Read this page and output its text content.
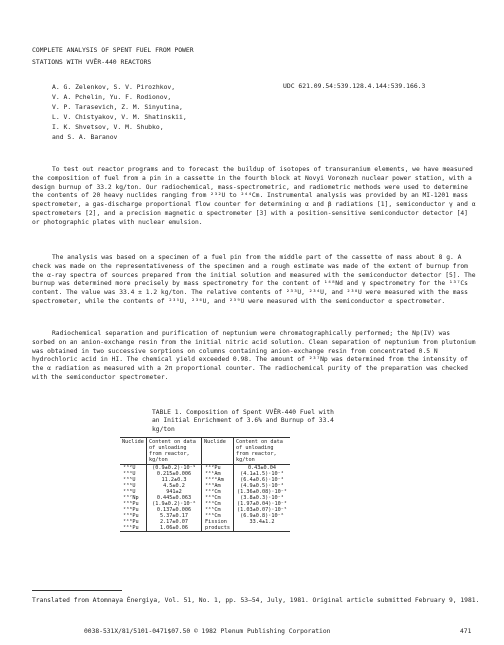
COMPLETE ANALYSIS OF SPENT FUEL FROM POWER
STATIONS WITH VVĔR-440 REACTORS
A. G. Zelenkov, S. V. Pirozhkov,
V. A. Pchelin, Yu. F. Rodionov,
V. P. Tarasevich, Z. M. Sinyutina,
L. V. Chistyakov, V. M. Shatinskii,
I. K. Shvetsov, V. M. Shubko,
and S. A. Baranov
UDC 621.09.54:539.128.4.144:539.166.3

To test out reactor programs and to forecast the buildup of isotopes of transuranium elements, we have measured the composition of fuel from a pin in a cassette in the fourth block at Novyi Voronezh nuclear power station, with a design burnup of 33.2 kg/ton. Our radiochemical, mass-spectrometric, and radiometric methods were used to determine the contents of 20 heavy nuclides ranging from ²³²U to ²⁴⁴Cm. Instrumental analysis was provided by an MI-1201 mass spectrometer, a gas-discharge proportional flow counter for determining α and β radiations [1], semiconductor γ and α spectrometers [2], and a precision magnetic α spectrometer [3] with a position-sensitive semiconductor detector [4] or photographic plates with nuclear emulsion.

The analysis was based on a specimen of a fuel pin from the middle part of the cassette of mass about 8 g. A check was made on the representativeness of the specimen and a rough estimate was made of the extent of burnup from the α-ray spectra of sources prepared from the initial solution and measured with the semiconductor detector [5]. The burnup was determined more precisely by mass spectrometry for the content of ¹⁴⁸Nd and γ spectrometry for the ¹³⁷Cs content. The value was 33.4 ± 1.2 kg/ton. The relative contents of ²³³U, ²³⁴U, and ²³⁸U were measured with the mass spectrometer, while the contents of ²³⁵U, ²³⁶U, and ²³⁹U were measured with the semiconductor α spectrometer.

Radiochemical separation and purification of neptunium were chromatographically performed; the Np(IV) was sorbed on an anion-exchange resin from the initial nitric acid solution. Clean separation of neptunium from plutonium was obtained in two successive sorptions on columns containing anion-exchange resin from concentrated 0.5 N hydrochloric acid in HI. The chemical yield exceeded 0.98. The amount of ²³⁷Np was determined from the intensity of the α radiation as measured with a 2π proportional counter. The radiochemical purity of the preparation was checked with the semiconductor spectrometer.

TABLE 1. Composition of Spent VVĔR-440 Fuel with an Initial Enrichment of 3.6% and Burnup of 33.4 kg/ton
Nuclide	Content on data of unloading from reactor, kg/ton	Nuclide	Content on data of unloading from reactor, kg/ton
²³²U	(0.9±0.2)·10⁻⁹	²⁴²Pu	0.43±0.04
²³⁴U	0.215±0.006	²⁴¹Am	(4.1±1.5)·10⁻⁴
²³⁵U	11.2±0.3	²⁴²ᵐAm	(6.4±0.6)·10⁻⁴
²³⁶U	4.5±0.2	²⁴³Am	(4.9±0.5)·10⁻⁴
²³⁸U	941±2	²⁴²Cm	(1.36±0.08)·10⁻²
²³⁷Np	0.445±0.063	²⁴³Cm	(3.8±0.3)·10⁻⁴
²³⁶Pu	(1.9±0.2)·10⁻⁶	²⁴⁴Cm	(1.97±0.04)·10⁻²
²³⁸Pu	0.137±0.006	²⁴⁵Cm	(1.03±0.07)·10⁻⁵
²³⁹Pu	5.37±0.17	²⁴⁶Cm	(6.9±0.8)·10⁻⁶
²⁴⁰Pu	2.17±0.07	Fission	33.4±1.2
²⁴¹Pu	1.06±0.06	products	
Translated from Atomnaya Énergiya, Vol. 51, No. 1, pp. 53–54, July, 1981. Original article submitted February 9, 1981.
0038-531X/81/5101-0471$07.50 © 1982 Plenum Publishing Corporation	471
